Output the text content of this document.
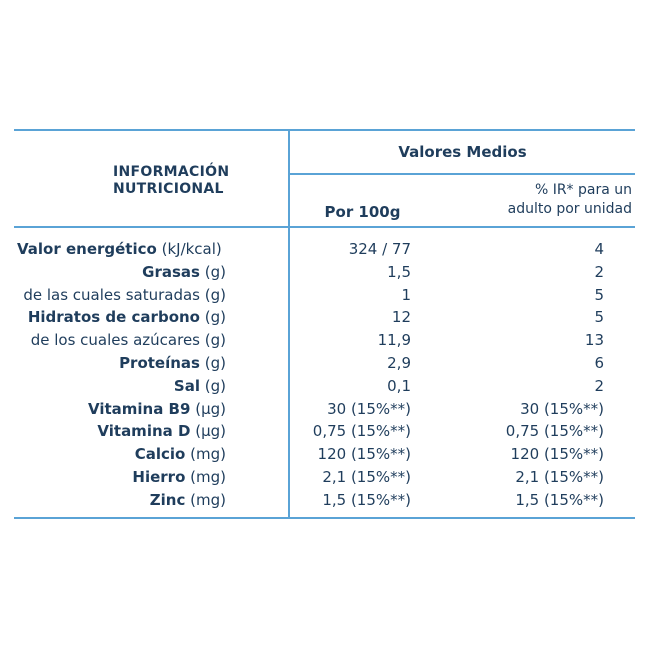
INFORMACIÓN
NUTRICIONAL
Valores Medios
Por 100g
% IR* para un
adulto por unidad
Valor energético (kJ/kcal)	324 / 77	4
Grasas (g)	1,5	2
de las cuales saturadas (g)	1	5
Hidratos de carbono (g)	12	5
de los cuales azúcares (g)	11,9	13
Proteínas (g)	2,9	6
Sal (g)	0,1	2
Vitamina B9 (µg)	30 (15%**)	30 (15%**)
Vitamina D (µg)	0,75 (15%**)	0,75 (15%**)
Calcio (mg)	120 (15%**)	120 (15%**)
Hierro (mg)	2,1 (15%**)	2,1 (15%**)
Zinc (mg)	1,5 (15%**)	1,5 (15%**)
